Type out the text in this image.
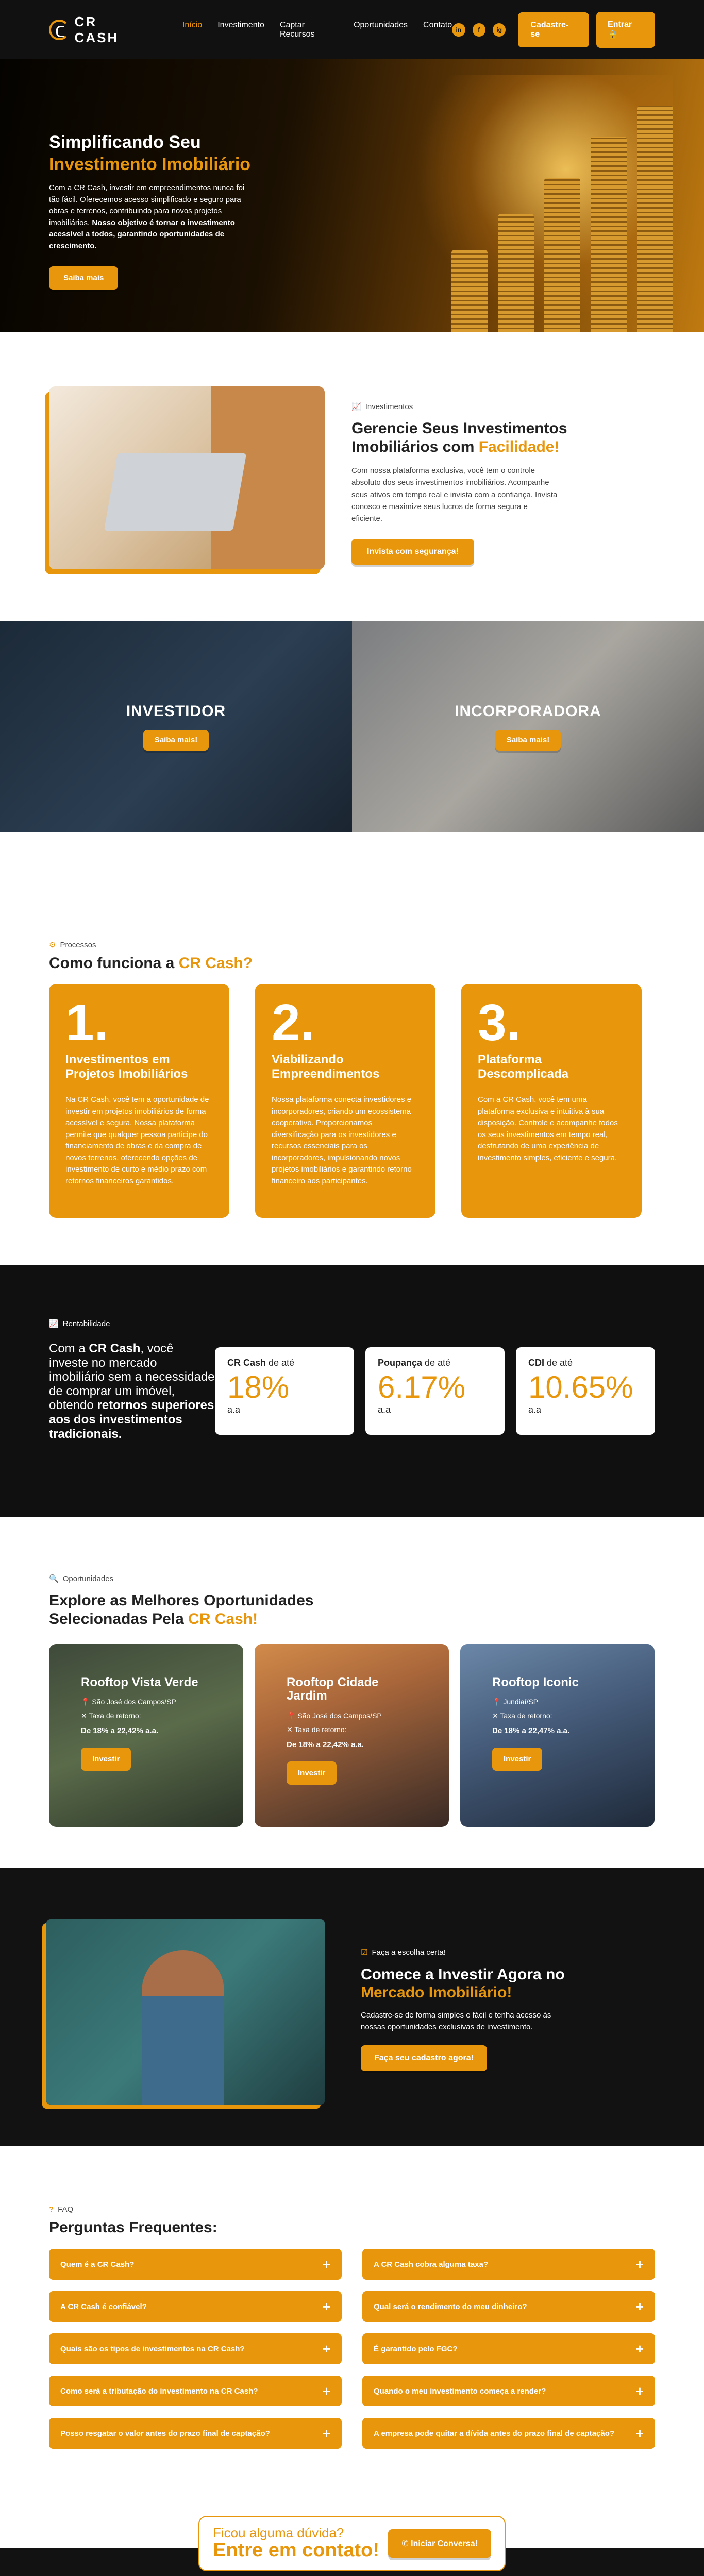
CR CASH
Início Investimento Captar Recursos
Oportunidades Contato
in	f	ig
Cadastre-se
Entrar 🔒
Simplificando Seu
Investimento Imobiliário

Com a CR Cash, investir em empreendimentos nunca foi tão fácil. Oferecemos acesso simplificado e seguro para obras e terrenos, contribuindo para novos projetos imobiliários. Nosso objetivo é tornar o investimento acessível a todos, garantindo oportunidades de crescimento.

Saiba mais
📈 Investimentos
Gerencie Seus Investimentos Imobiliários com Facilidade!

Com nossa plataforma exclusiva, você tem o controle absoluto dos seus investimentos imobiliários. Acompanhe seus ativos em tempo real e invista com a confiança. Invista conosco e maximize seus lucros de forma segura e eficiente.

Invista com segurança!
INVESTIDOR
Saiba mais!
INCORPORADORA
Saiba mais!
⚙ Processos
Como funciona a CR Cash?
1.
Investimentos em Projetos Imobiliários

Na CR Cash, você tem a oportunidade de investir em projetos imobiliários de forma acessível e segura. Nossa plataforma permite que qualquer pessoa participe do financiamento de obras e da compra de novos terrenos, oferecendo opções de investimento de curto e médio prazo com retornos financeiros garantidos.

2.
Viabilizando Empreendimentos

Nossa plataforma conecta investidores e incorporadores, criando um ecossistema cooperativo. Proporcionamos diversificação para os investidores e recursos essenciais para os incorporadores, impulsionando novos projetos imobiliários e garantindo retorno financeiro aos participantes.

3.
Plataforma Descomplicada

Com a CR Cash, você tem uma plataforma exclusiva e intuitiva à sua disposição. Controle e acompanhe todos os seus investimentos em tempo real, desfrutando de uma experiência de investimento simples, eficiente e segura.

📈 Rentabilidade

Com a CR Cash, você investe no mercado imobiliário sem a necessidade de comprar um imóvel, obtendo retornos superiores aos dos investimentos tradicionais.

CR Cash de até
18%
a.a
Poupança de até
6.17%
a.a
CDI de até
10.65%
a.a
🔍 Oportunidades
Explore as Melhores Oportunidades
Selecionadas Pela CR Cash!
Rooftop Vista Verde
📍 São José dos Campos/SP
✕ Taxa de retorno:
De 18% a 22,42% a.a.
Investir
Rooftop Cidade Jardim
📍 São José dos Campos/SP
✕ Taxa de retorno:
De 18% a 22,42% a.a.
Investir
Rooftop Iconic
📍 Jundiaí/SP
✕ Taxa de retorno:
De 18% a 22,47% a.a.
Investir
☑ Faça a escolha certa!
Comece a Investir Agora no
Mercado Imobiliário!

Cadastre-se de forma simples e fácil e tenha acesso às nossas oportunidades exclusivas de investimento.

Faça seu cadastro agora!
? FAQ
Perguntas Frequentes:
Quem é a CR Cash?	+	A CR Cash cobra alguma taxa?	+
A CR Cash é confiável?	+	Qual será o rendimento do meu dinheiro?	+
Quais são os tipos de investimentos na CR Cash?	+	É garantido pelo FGC?	+
Como será a tributação do investimento na CR Cash?	+	Quando o meu investimento começa a render?	+
Posso resgatar o valor antes do prazo final de captação?	+	A empresa pode quitar a dívida antes do prazo final de captação? +
Ficou alguma dúvida?
Entre em contato!	✆ Iniciar Conversa!
